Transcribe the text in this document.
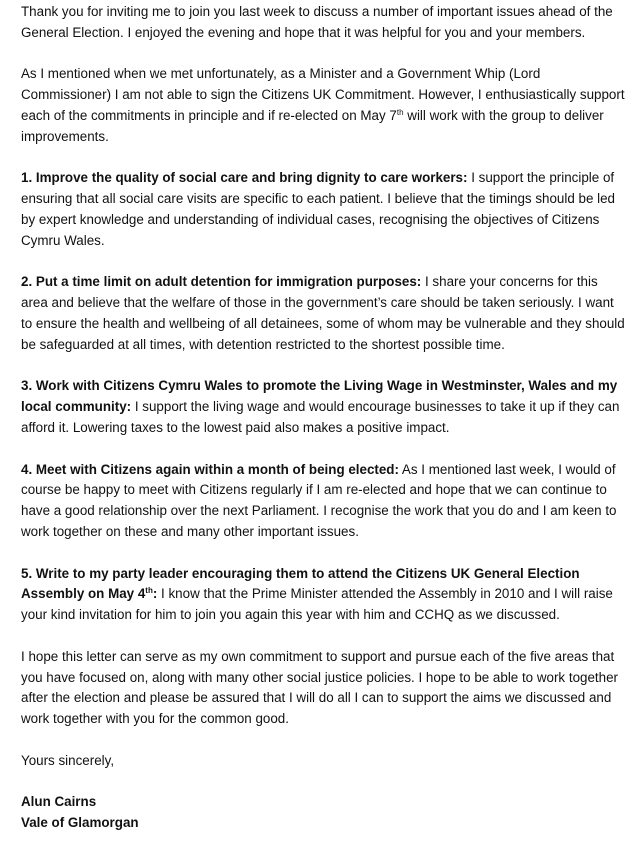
Thank you for inviting me to join you last week to discuss a number of important issues ahead of the General Election. I enjoyed the evening and hope that it was helpful for you and your members.

As I mentioned when we met unfortunately, as a Minister and a Government Whip (Lord Commissioner) I am not able to sign the Citizens UK Commitment. However, I enthusiastically support each of the commitments in principle and if re-elected on May 7th will work with the group to deliver improvements.

1. Improve the quality of social care and bring dignity to care workers: I support the principle of ensuring that all social care visits are specific to each patient. I believe that the timings should be led by expert knowledge and understanding of individual cases, recognising the objectives of Citizens Cymru Wales.

2. Put a time limit on adult detention for immigration purposes: I share your concerns for this area and believe that the welfare of those in the government’s care should be taken seriously. I want to ensure the health and wellbeing of all detainees, some of whom may be vulnerable and they should be safeguarded at all times, with detention restricted to the shortest possible time.

3. Work with Citizens Cymru Wales to promote the Living Wage in Westminster, Wales and my local community: I support the living wage and would encourage businesses to take it up if they can afford it. Lowering taxes to the lowest paid also makes a positive impact.

4. Meet with Citizens again within a month of being elected: As I mentioned last week, I would of course be happy to meet with Citizens regularly if I am re-elected and hope that we can continue to have a good relationship over the next Parliament. I recognise the work that you do and I am keen to work together on these and many other important issues.

5. Write to my party leader encouraging them to attend the Citizens UK General Election Assembly on May 4th: I know that the Prime Minister attended the Assembly in 2010 and I will raise your kind invitation for him to join you again this year with him and CCHQ as we discussed.

I hope this letter can serve as my own commitment to support and pursue each of the five areas that you have focused on, along with many other social justice policies. I hope to be able to work together after the election and please be assured that I will do all I can to support the aims we discussed and work together with you for the common good.

Yours sincerely,

Alun Cairns

Vale of Glamorgan
